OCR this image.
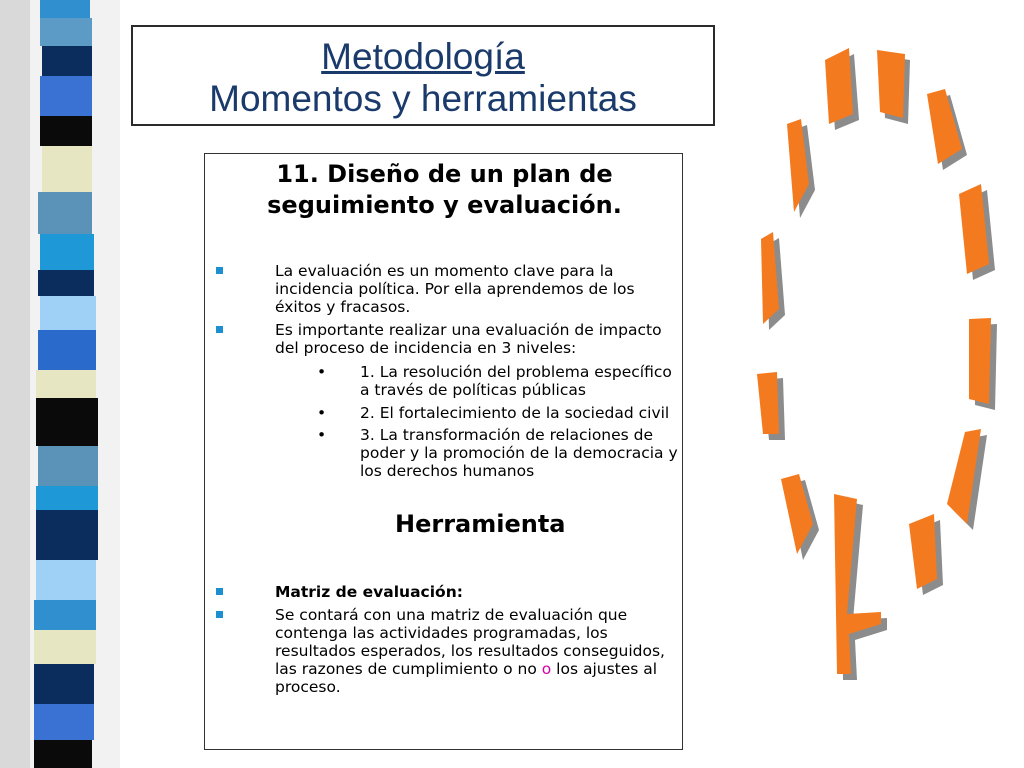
Metodología
Momentos y herramientas
11. Diseño de un plan de
seguimiento y evaluación.
La evaluación es un momento clave para la incidencia política. Por ella aprendemos de los éxitos y fracasos.
Es importante realizar una evaluación de impacto del proceso de incidencia en 3 niveles:
• 1. La resolución del problema específico a través de políticas públicas
• 2. El fortalecimiento de la sociedad civil
• 3. La transformación de relaciones de poder y la promoción de la democracia y los derechos humanos
Herramienta
Matriz de evaluación:
Se contará con una matriz de evaluación que contenga las actividades programadas, los resultados esperados, los resultados conseguidos, las razones de cumplimiento o no o los ajustes al proceso.
